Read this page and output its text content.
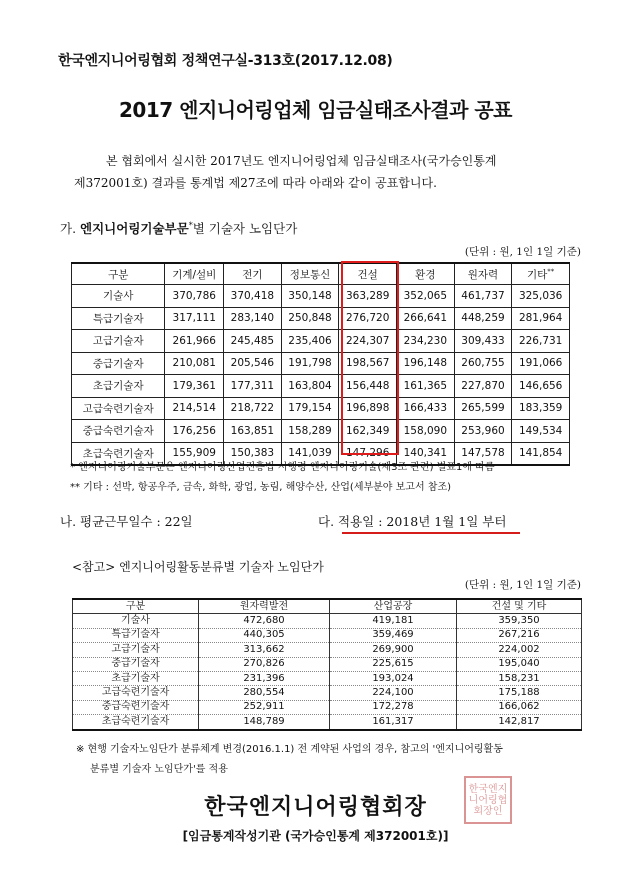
한국엔지니어링협회 정책연구실-313호(2017.12.08)
2017 엔지니어링업체 임금실태조사결과 공표
본 협회에서 실시한 2017년도 엔지니어링업체 임금실태조사(국가승인통계
제372001호) 결과를 통계법 제27조에 따라 아래와 같이 공표합니다.
가. 엔지니어링기술부문*별 기술자 노임단가
(단위 : 원, 1인 1일 기준)
구분	기계/설비	전기	정보통신	건설	환경	원자력	기타**
기술사	370,786	370,418	350,148	363,289	352,065	461,737	325,036
특급기술자	317,111	283,140	250,848	276,720	266,641	448,259	281,964
고급기술자	261,966	245,485	235,406	224,307	234,230	309,433	226,731
중급기술자	210,081	205,546	191,798	198,567	196,148	260,755	191,066
초급기술자	179,361	177,311	163,804	156,448	161,365	227,870	146,656
고급숙련기술자	214,514	218,722	179,154	196,898	166,433	265,599	183,359
중급숙련기술자	176,256	163,851	158,289	162,349	158,090	253,960	149,534
초급숙련기술자	155,909	150,383	141,039	147,296	140,341	147,578	141,854
* 엔지니어링기술부문은 엔지니어링산업진흥법 시행령 엔지니어링기술(제3조 관련) 별표1에 따름
** 기타 : 선박, 항공우주, 금속, 화학, 광업, 농림, 해양수산, 산업(세부분야 보고서 참조)
나. 평균근무일수 : 22일	다. 적용일 : 2018년 1월 1일 부터
<참고> 엔지니어링활동분류별 기술자 노임단가
(단위 : 원, 1인 1일 기준)
구분	원자력발전	산업공장	건설 및 기타
기술사	472,680	419,181	359,350
특급기술자	440,305	359,469	267,216
고급기술자	313,662	269,900	224,002
중급기술자	270,826	225,615	195,040
초급기술자	231,396	193,024	158,231
고급숙련기술자	280,554	224,100	175,188
중급숙련기술자	252,911	172,278	166,062
초급숙련기술자	148,789	161,317	142,817
※ 현행 기술자노임단가 분류체계 변경(2016.1.1) 전 계약된 사업의 경우, 참고의 '엔지니어링활동
분류별 기술자 노임단가'를 적용
한국엔지니어링협회장
한국엔지니어링협회장인
[임금통계작성기관 (국가승인통계 제372001호)]
